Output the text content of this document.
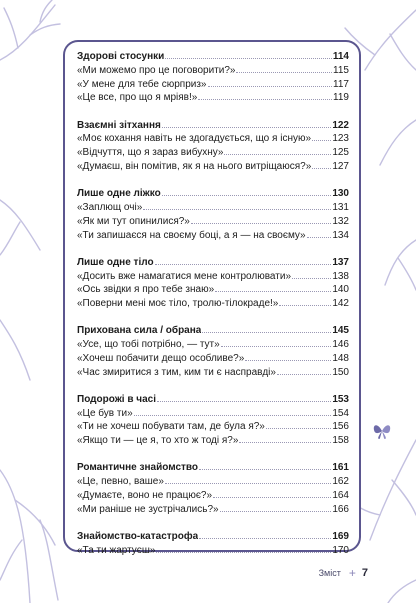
Здорові стосунки	114
«Ми можемо про це поговорити?»	115
«У мене для тебе сюрприз»	117
«Це все, про що я мріяв!»	119
Взаємні зітхання	122
«Моє кохання навіть не здогадується, що я існую» 123
«Відчуття, що я зараз вибухну»	125
«Думаєш, він помітив, як я на нього витріщаюся?» 127
Лише одне ліжко	130
«Заплющ очі»	131
«Як ми тут опинилися?»	132
«Ти запишаєся на своєму боці, а я — на своєму»	134
Лише одне тіло	137
«Досить вже намагатися мене контролювати»	138
«Ось звідки я про тебе знаю»	140
«Поверни мені моє тіло, тролю-тілокраде!»	142
Прихована сила / обрана	145
«Усе, що тобі потрібно, — тут»	146
«Хочеш побачити дещо особливе?»	148
«Час змиритися з тим, ким ти є насправді»	150
Подорожі в часі	153
«Це був ти»	154
«Ти не хочеш побувати там, де була я?»	156
«Якщо ти — це я, то хто ж тоді я?»	158
Романтичне знайомство	161
«Це, певно, ваше»	162
«Думаєте, воно не працює?»	164
«Ми раніше не зустрічались?»	166
Знайомство-катастрофа	169
«Та ти жартуєш»	170
Зміст + 7
